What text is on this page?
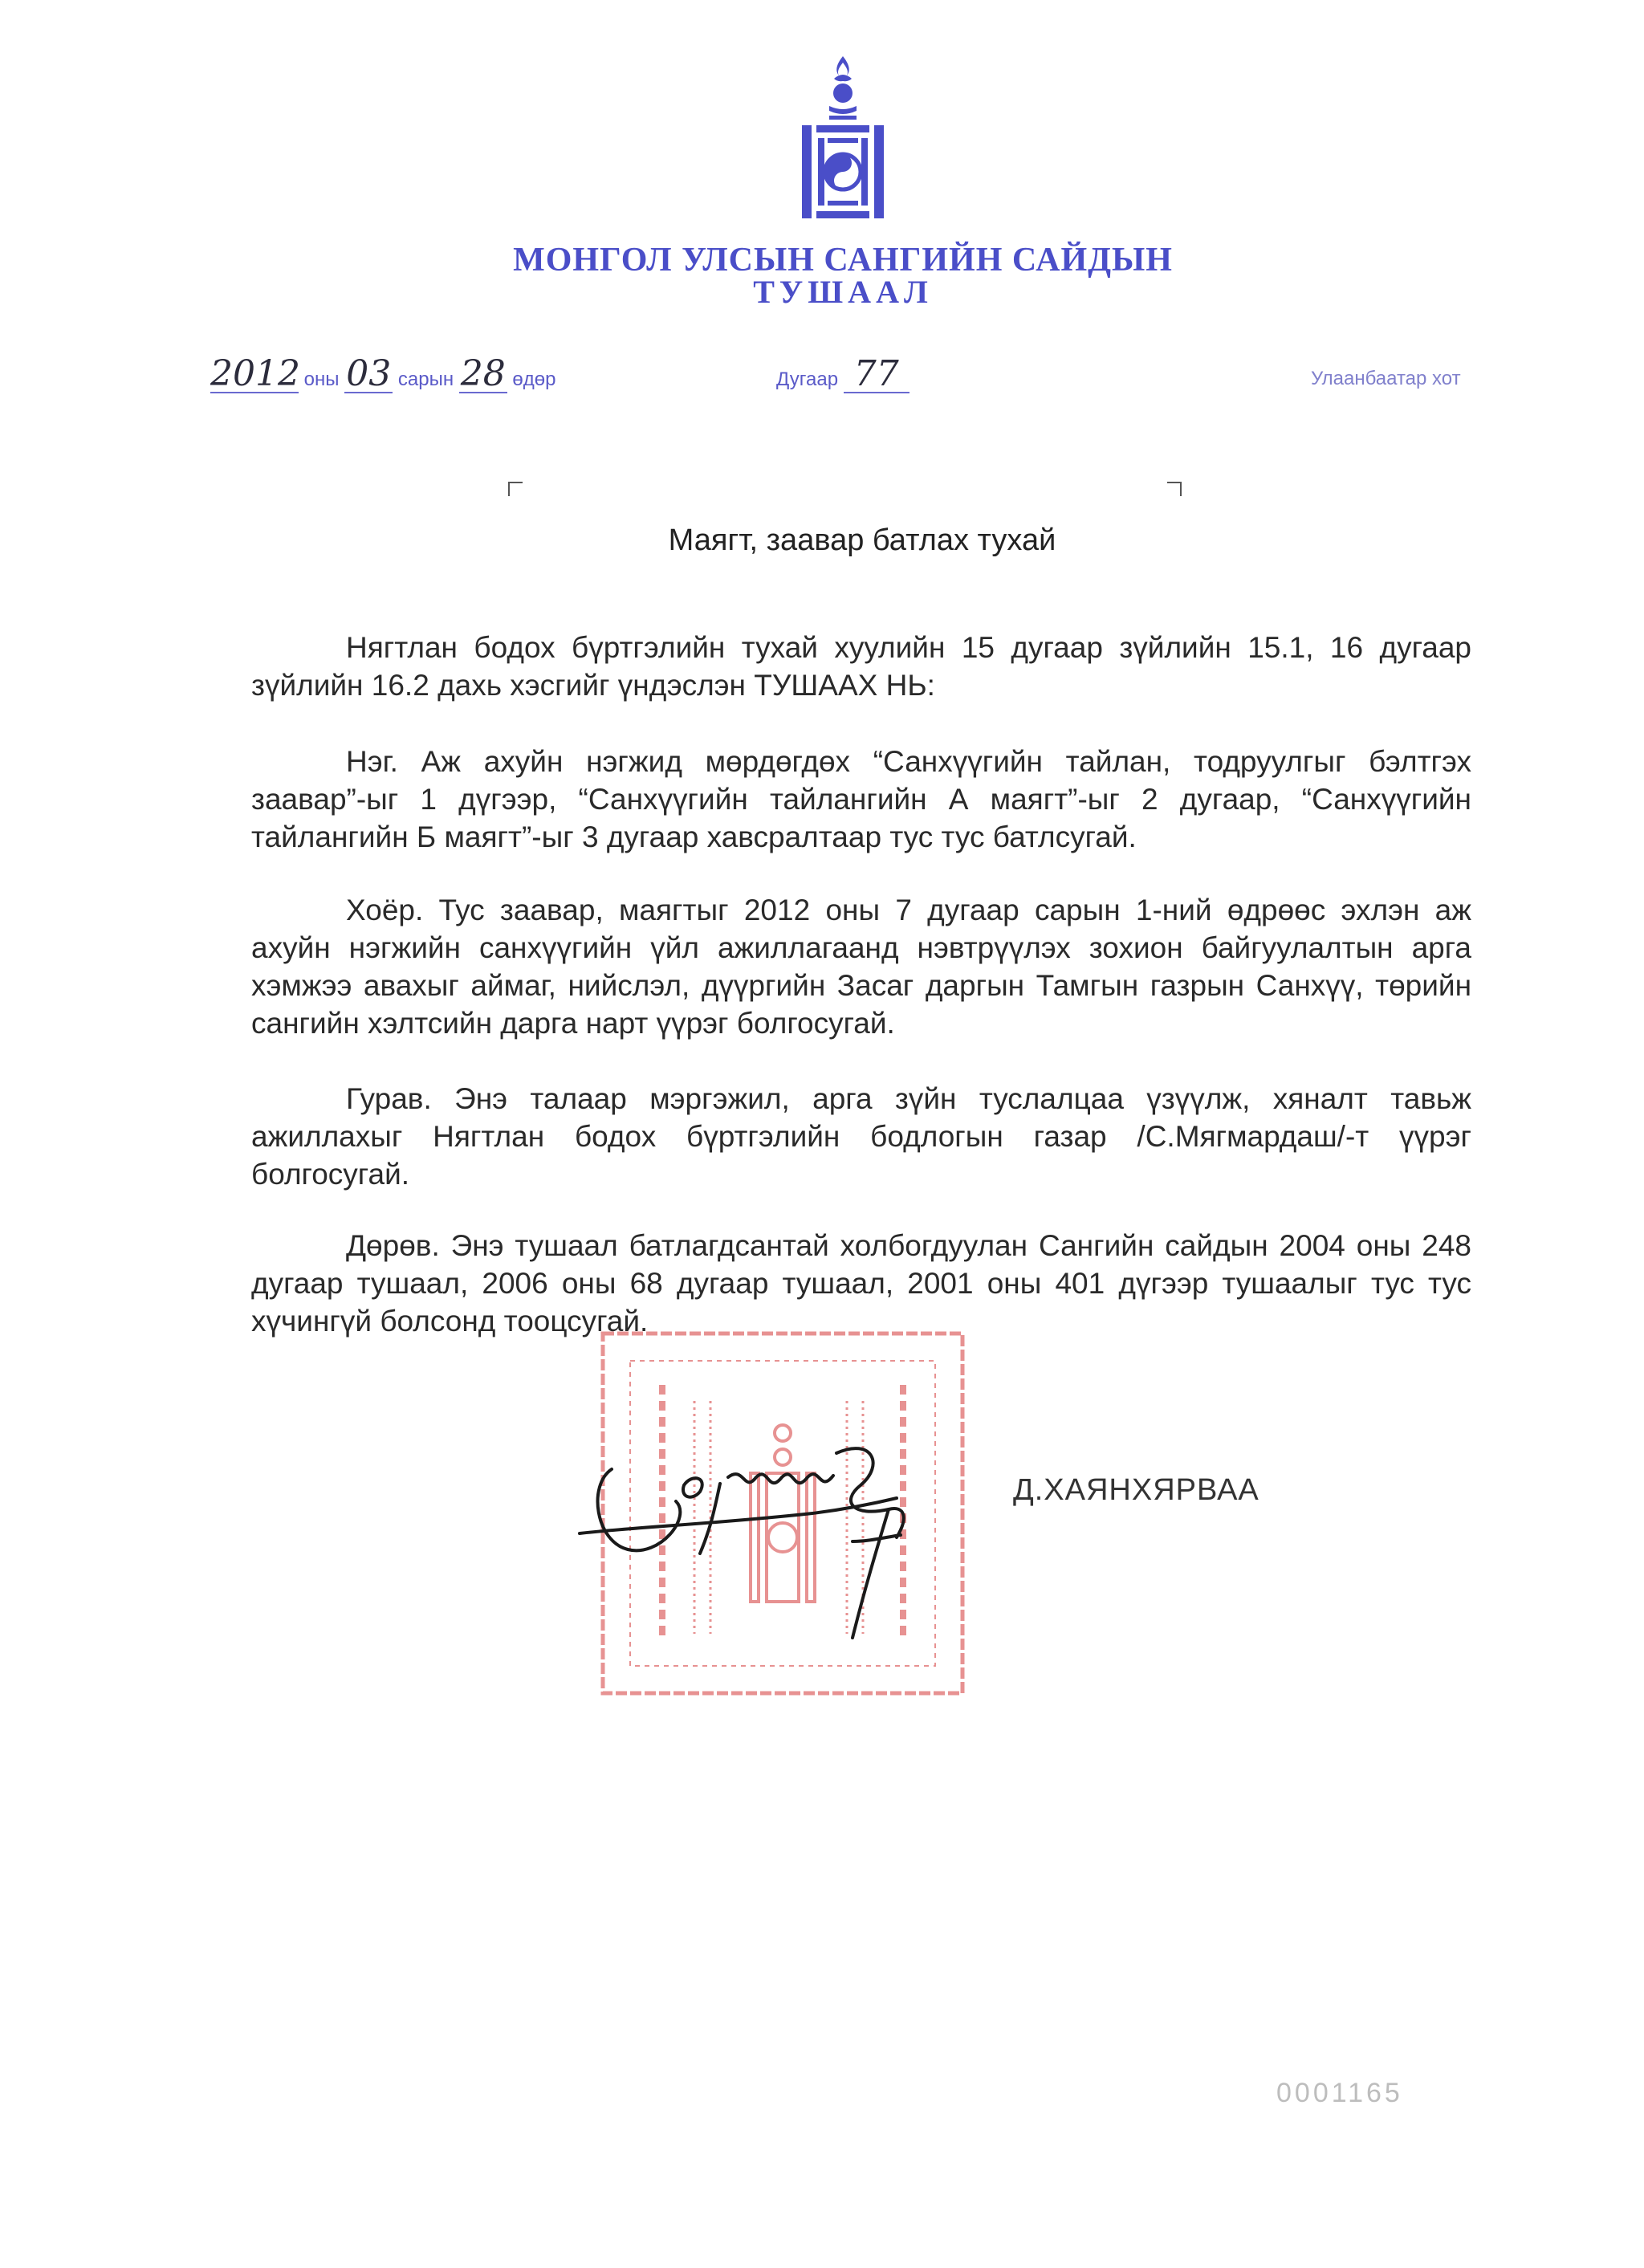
МОНГОЛ УЛСЫН САНГИЙН САЙДЫН
ТУШААЛ
2012 оны 03 сарын 28 өдөр	Дугаар 77	Улаанбаатар хот
Маягт, заавар батлах тухай
Нягтлан бодох бүртгэлийн тухай хуулийн 15 дугаар зүйлийн 15.1, 16 дугаар зүйлийн 16.2 дахь хэсгийг үндэслэн ТУШААХ НЬ:
Нэг. Аж ахуйн нэгжид мөрдөгдөх “Санхүүгийн тайлан, тодруулгыг бэлтгэх заавар”-ыг 1 дүгээр, “Санхүүгийн тайлангийн А маягт”-ыг 2 дугаар, “Санхүүгийн тайлангийн Б маягт”-ыг 3 дугаар хавсралтаар тус тус батлсугай.
Хоёр. Тус заавар, маягтыг 2012 оны 7 дугаар сарын 1-ний өдрөөс эхлэн аж ахуйн нэгжийн санхүүгийн үйл ажиллагаанд нэвтрүүлэх зохион байгуулалтын арга хэмжээ авахыг аймаг, нийслэл, дүүргийн Засаг даргын Тамгын газрын Санхүү, төрийн сангийн хэлтсийн дарга нарт үүрэг болгосугай.
Гурав. Энэ талаар мэргэжил, арга зүйн туслалцаа үзүүлж, хяналт тавьж ажиллахыг Нягтлан бодох бүртгэлийн бодлогын газар /С.Мягмардаш/-т үүрэг болгосугай.
Дөрөв. Энэ тушаал батлагдсантай холбогдуулан Сангийн сайдын 2004 оны 248 дугаар тушаал, 2006 оны 68 дугаар тушаал, 2001 оны 401 дүгээр тушаалыг тус тус хүчингүй болсонд тооцсугай.
Д.ХАЯНХЯРВАА
0001165
